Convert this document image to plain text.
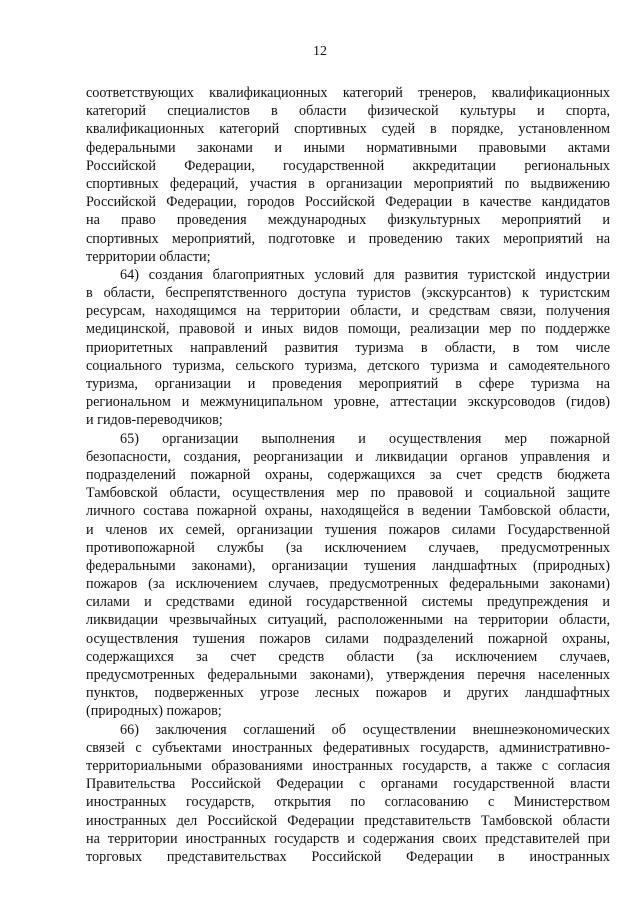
12
соответствующих квалификационных категорий тренеров, квалификационных
категорий специалистов в области физической культуры и спорта,
квалификационных категорий спортивных судей в порядке, установленном
федеральными законами и иными нормативными правовыми актами
Российской Федерации, государственной аккредитации региональных
спортивных федераций, участия в организации мероприятий по выдвижению
Российской Федерации, городов Российской Федерации в качестве кандидатов
на право проведения международных физкультурных мероприятий и
спортивных мероприятий, подготовке и проведению таких мероприятий на
территории области;
64) создания благоприятных условий для развития туристской индустрии
в области, беспрепятственного доступа туристов (экскурсантов) к туристским
ресурсам, находящимся на территории области, и средствам связи, получения
медицинской, правовой и иных видов помощи, реализации мер по поддержке
приоритетных направлений развития туризма в области, в том числе
социального туризма, сельского туризма, детского туризма и самодеятельного
туризма, организации и проведения мероприятий в сфере туризма на
региональном и межмуниципальном уровне, аттестации экскурсоводов (гидов)
и гидов-переводчиков;
65) организации выполнения и осуществления мер пожарной
безопасности, создания, реорганизации и ликвидации органов управления и
подразделений пожарной охраны, содержащихся за счет средств бюджета
Тамбовской области, осуществления мер по правовой и социальной защите
личного состава пожарной охраны, находящейся в ведении Тамбовской области,
и членов их семей, организации тушения пожаров силами Государственной
противопожарной службы (за исключением случаев, предусмотренных
федеральными законами), организации тушения ландшафтных (природных)
пожаров (за исключением случаев, предусмотренных федеральными законами)
силами и средствами единой государственной системы предупреждения и
ликвидации чрезвычайных ситуаций, расположенными на территории области,
осуществления тушения пожаров силами подразделений пожарной охраны,
содержащихся за счет средств области (за исключением случаев,
предусмотренных федеральными законами), утверждения перечня населенных
пунктов, подверженных угрозе лесных пожаров и других ландшафтных
(природных) пожаров;
66) заключения соглашений об осуществлении внешнеэкономических
связей с субъектами иностранных федеративных государств, административно-
территориальными образованиями иностранных государств, а также с согласия
Правительства Российской Федерации с органами государственной власти
иностранных государств, открытия по согласованию с Министерством
иностранных дел Российской Федерации представительств Тамбовской области
на территории иностранных государств и содержания своих представителей при
торговых представительствах Российской Федерации в иностранных
